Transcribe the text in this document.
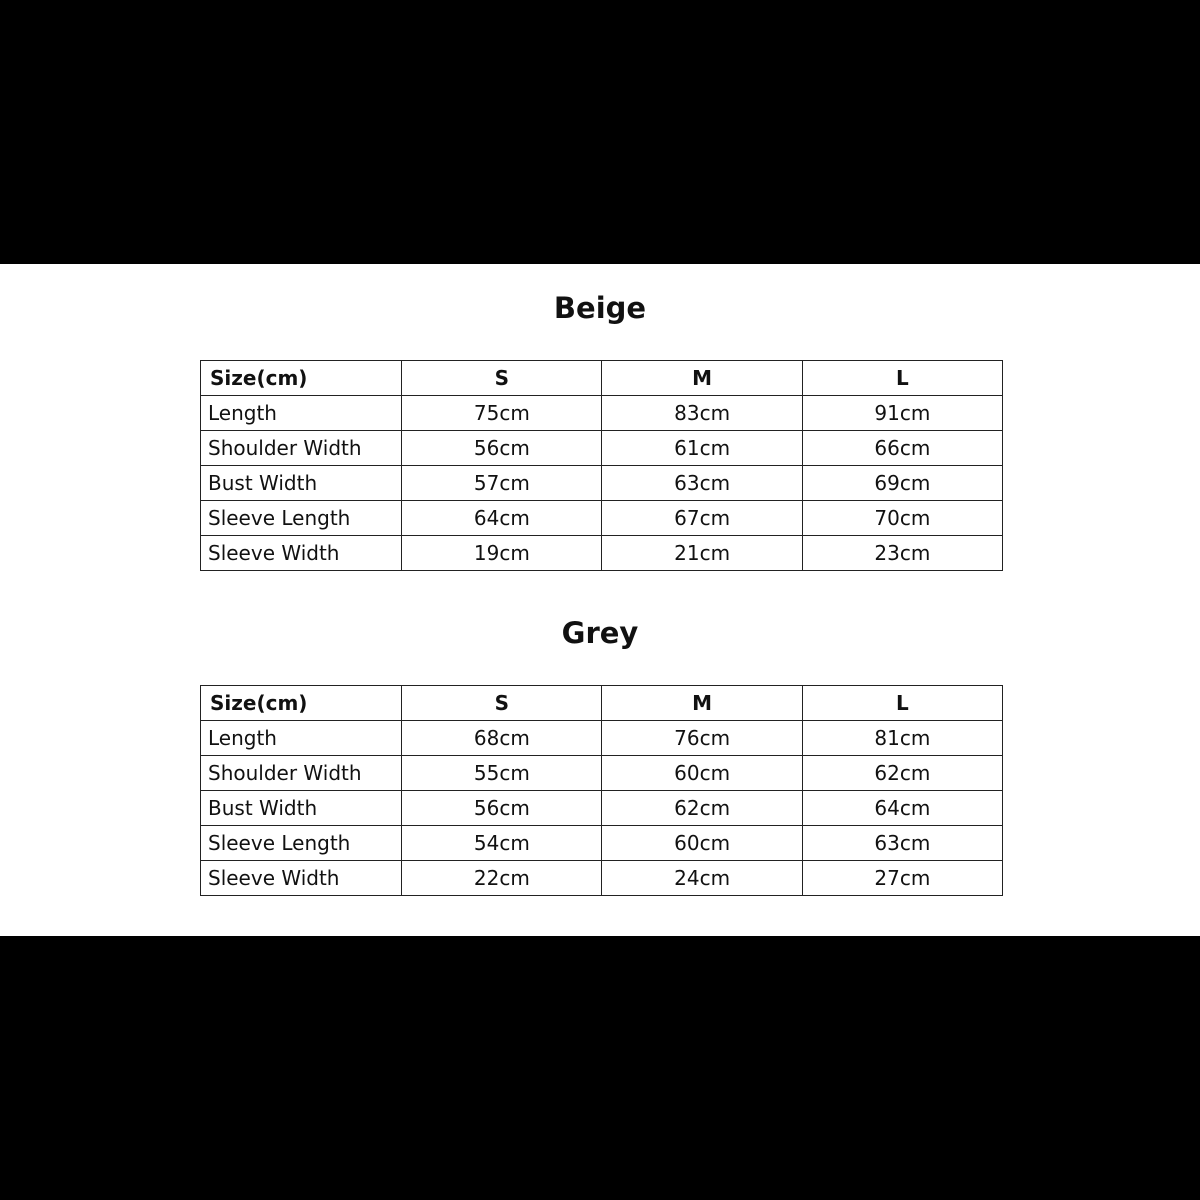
Beige
Size(cm)	S	M	L
Length	75cm	83cm	91cm
Shoulder Width	56cm	61cm	66cm
Bust Width	57cm	63cm	69cm
Sleeve Length	64cm	67cm	70cm
Sleeve Width	19cm	21cm	23cm
Grey
Size(cm)	S	M	L
Length	68cm	76cm	81cm
Shoulder Width	55cm	60cm	62cm
Bust Width	56cm	62cm	64cm
Sleeve Length	54cm	60cm	63cm
Sleeve Width	22cm	24cm	27cm
